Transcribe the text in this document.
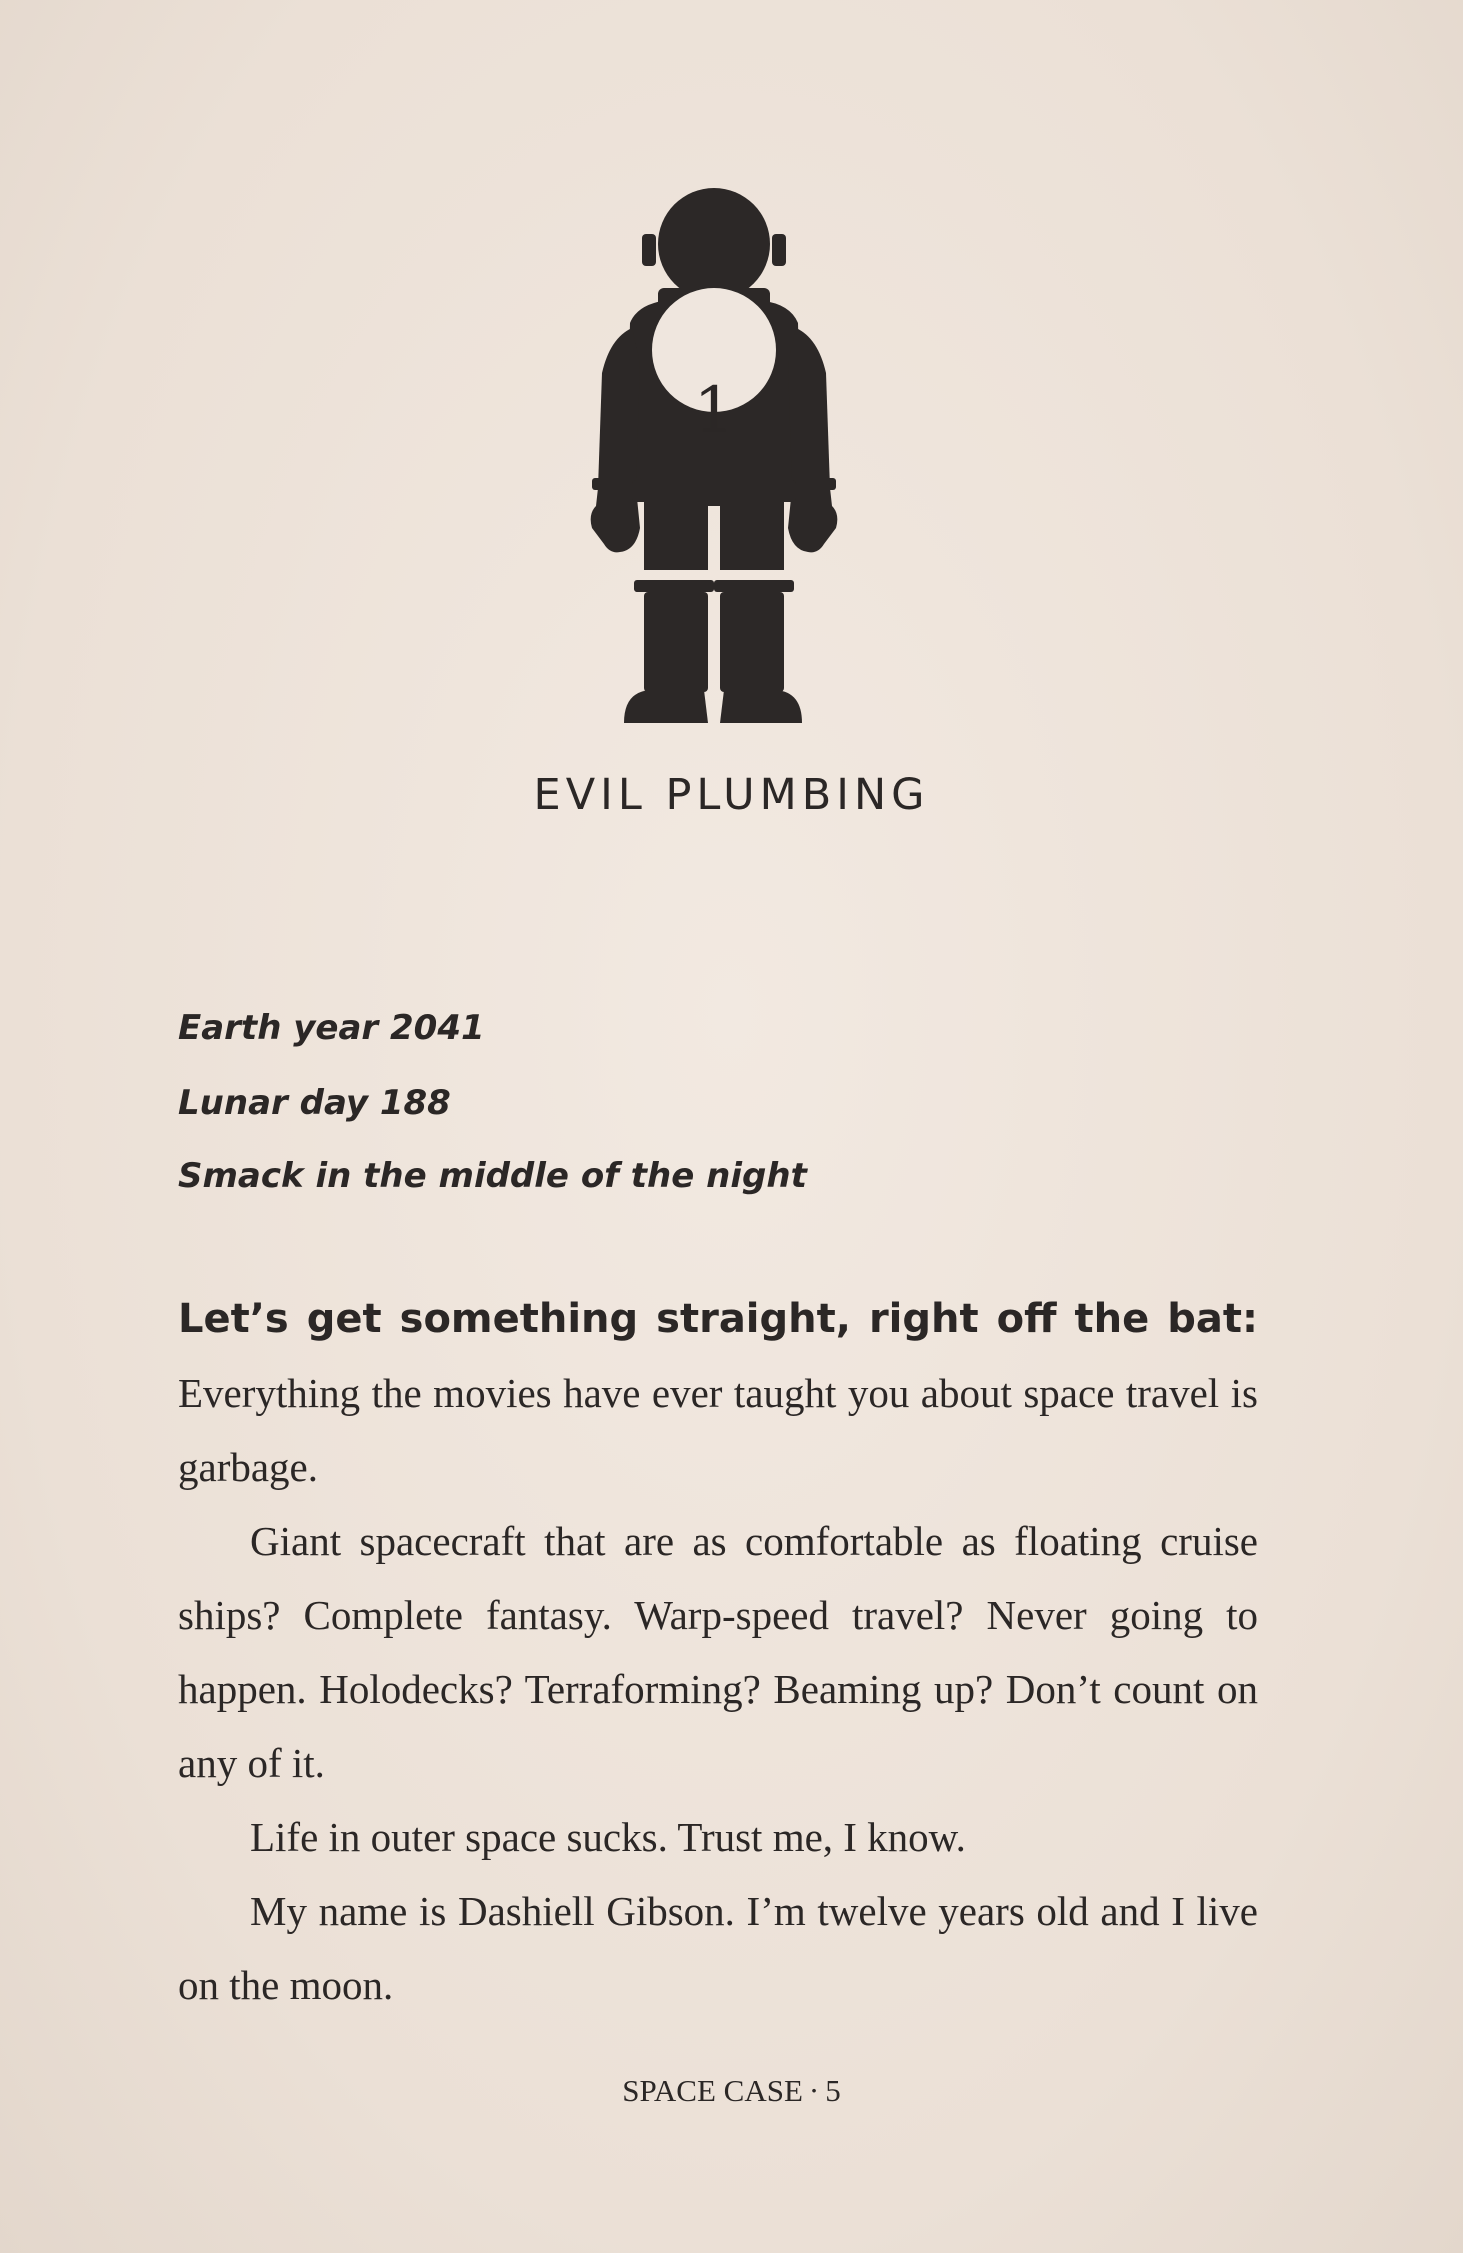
1
EVIL PLUMBING
Earth year 2041
Lunar day 188
Smack in the middle of the night
Let’s get something straight, right off the bat:

Everything the movies have ever taught you about space travel is garbage.

Giant spacecraft that are as comfortable as floating cruise ships? Complete fantasy. Warp-speed travel? Never going to happen. Holodecks? Terraforming? Beaming up? Don’t count on any of it.

Life in outer space sucks. Trust me, I know.

My name is Dashiell Gibson. I’m twelve years old and I live on the moon.

SPACE CASE · 5
